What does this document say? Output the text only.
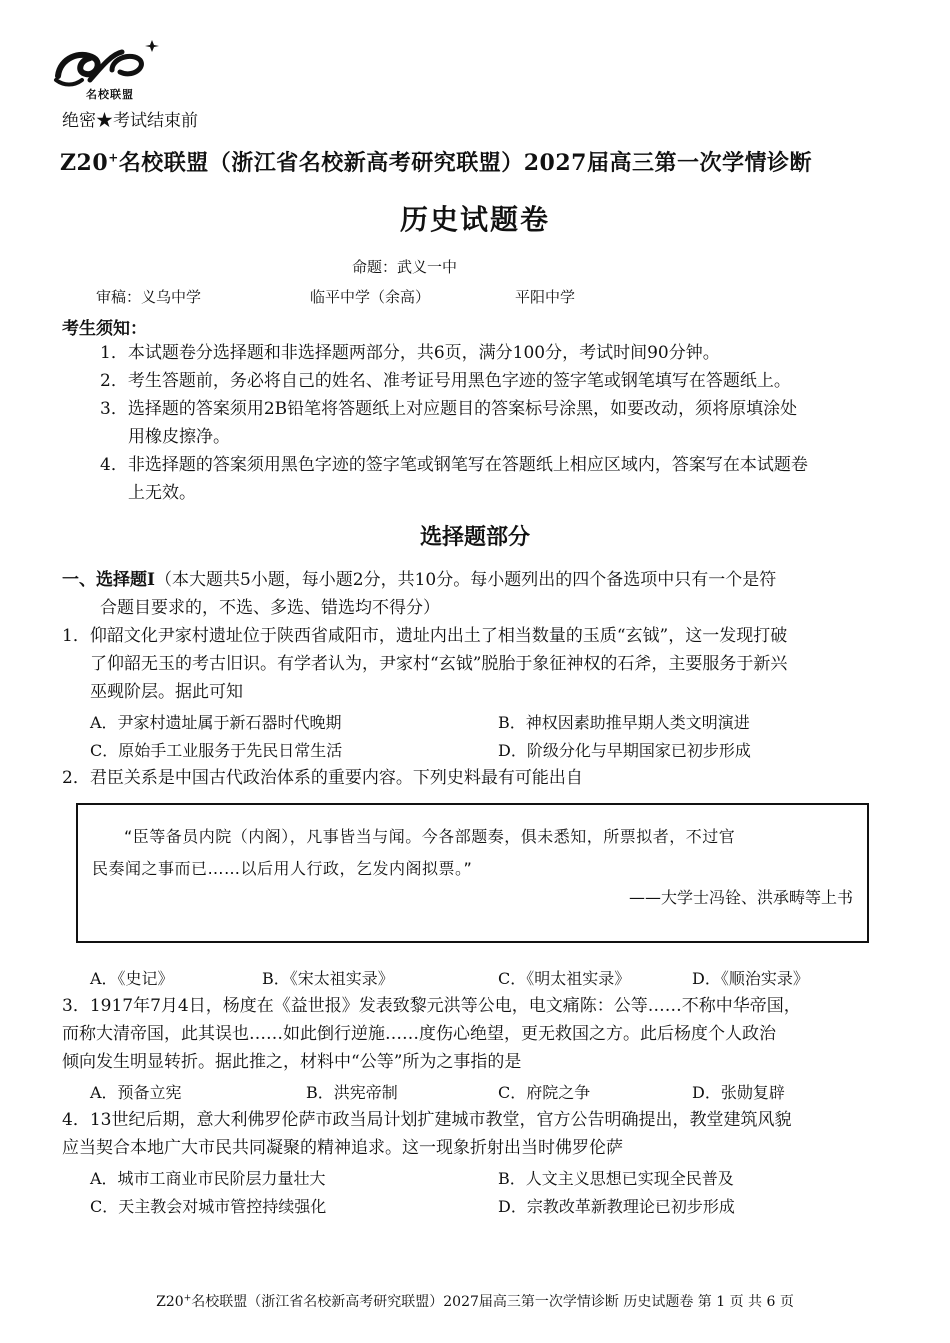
名校联盟
绝密★考试结束前
Z20+名校联盟（浙江省名校新高考研究联盟）2027届高三第一次学情诊断
历史试题卷
命题：武义一中
审稿：义乌中学	临平中学（余高）	平阳中学
考生须知：
1．本试题卷分选择题和非选择题两部分，共6页，满分100分，考试时间90分钟。
2．考生答题前，务必将自己的姓名、准考证号用黑色字迹的签字笔或钢笔填写在答题纸上。
3．选择题的答案须用2B铅笔将答题纸上对应题目的答案标号涂黑，如要改动，须将原填涂处
用橡皮擦净。
4．非选择题的答案须用黑色字迹的签字笔或钢笔写在答题纸上相应区域内，答案写在本试题卷
上无效。
选择题部分
一、选择题Ⅰ（本大题共5小题，每小题2分，共10分。每小题列出的四个备选项中只有一个是符
合题目要求的，不选、多选、错选均不得分）
1．仰韶文化尹家村遗址位于陕西省咸阳市，遗址内出土了相当数量的玉质“玄钺”，这一发现打破
了仰韶无玉的考古旧识。有学者认为，尹家村“玄钺”脱胎于象征神权的石斧，主要服务于新兴
巫觋阶层。据此可知
A．尹家村遗址属于新石器时代晚期	B．神权因素助推早期人类文明演进
C．原始手工业服务于先民日常生活	D．阶级分化与早期国家已初步形成
2．君臣关系是中国古代政治体系的重要内容。下列史料最有可能出自
“臣等备员内院（内阁），凡事皆当与闻。今各部题奏，俱未悉知，所票拟者，不过官
民奏闻之事而已……以后用人行政，乞发内阁拟票。”
——大学士冯铨、洪承畴等上书
A．《史记》	B．《宋太祖实录》	C．《明太祖实录》	D．《顺治实录》
3．1917年7月4日，杨度在《益世报》发表致黎元洪等公电，电文痛陈：公等……不称中华帝国，
而称大清帝国，此其误也……如此倒行逆施……度伤心绝望，更无救国之方。此后杨度个人政治
倾向发生明显转折。据此推之，材料中“公等”所为之事指的是
A．预备立宪	B．洪宪帝制	C．府院之争	D．张勋复辟
4．13世纪后期，意大利佛罗伦萨市政当局计划扩建城市教堂，官方公告明确提出，教堂建筑风貌
应当契合本地广大市民共同凝聚的精神追求。这一现象折射出当时佛罗伦萨
A．城市工商业市民阶层力量壮大	B．人文主义思想已实现全民普及
C．天主教会对城市管控持续强化	D．宗教改革新教理论已初步形成
Z20+名校联盟（浙江省名校新高考研究联盟）2027届高三第一次学情诊断 历史试题卷 第 1 页 共 6 页
